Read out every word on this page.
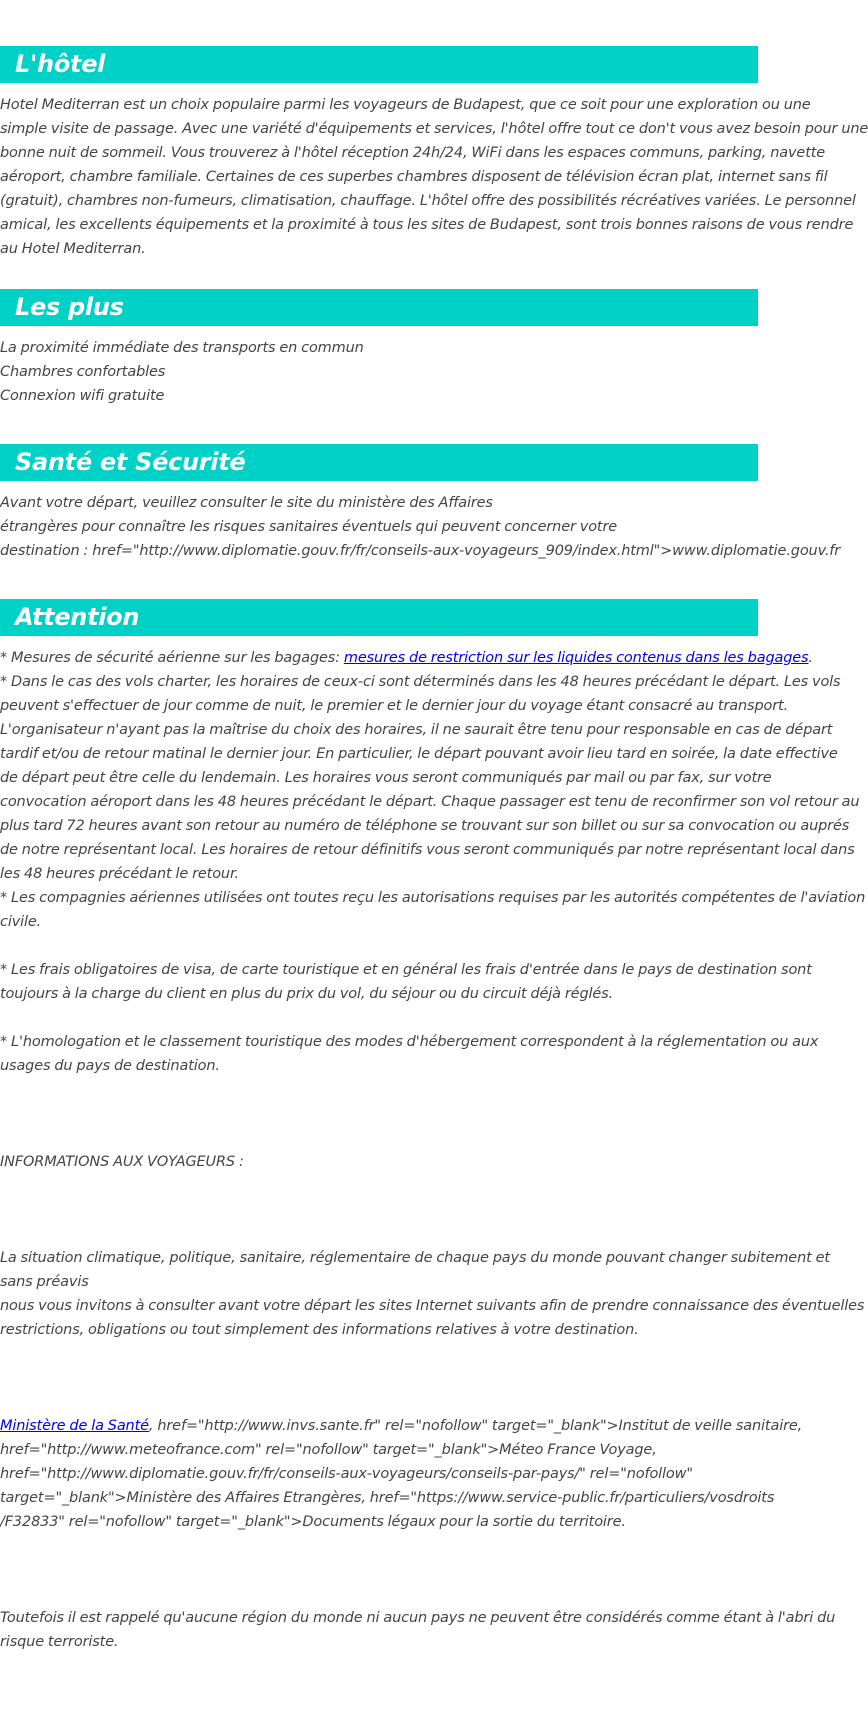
L'hôtel
Hotel Mediterran est un choix populaire parmi les voyageurs de Budapest, que ce soit pour une exploration ou une
simple visite de passage. Avec une variété d'équipements et services, l'hôtel offre tout ce don't vous avez besoin pour une
bonne nuit de sommeil. Vous trouverez à l'hôtel réception 24h/24, WiFi dans les espaces communs, parking, navette
aéroport, chambre familiale. Certaines de ces superbes chambres disposent de télévision écran plat, internet sans fil
(gratuit), chambres non-fumeurs, climatisation, chauffage. L'hôtel offre des possibilités récréatives variées. Le personnel
amical, les excellents équipements et la proximité à tous les sites de Budapest, sont trois bonnes raisons de vous rendre
au Hotel Mediterran.
Les plus
La proximité immédiate des transports en commun
Chambres confortables
Connexion wifi gratuite
Santé et Sécurité
Avant votre départ, veuillez consulter le site du ministère des Affaires
étrangères pour connaître les risques sanitaires éventuels qui peuvent concerner votre
destination : href="http://www.diplomatie.gouv.fr/fr/conseils-aux-voyageurs_909/index.html">www.diplomatie.gouv.fr
Attention
* Mesures de sécurité aérienne sur les bagages: mesures de restriction sur les liquides contenus dans les bagages.
* Dans le cas des vols charter, les horaires de ceux-ci sont déterminés dans les 48 heures précédant le départ. Les vols
peuvent s'effectuer de jour comme de nuit, le premier et le dernier jour du voyage étant consacré au transport.
L'organisateur n'ayant pas la maîtrise du choix des horaires, il ne saurait être tenu pour responsable en cas de départ
tardif et/ou de retour matinal le dernier jour. En particulier, le départ pouvant avoir lieu tard en soirée, la date effective
de départ peut être celle du lendemain. Les horaires vous seront communiqués par mail ou par fax, sur votre
convocation aéroport dans les 48 heures précédant le départ. Chaque passager est tenu de reconfirmer son vol retour au
plus tard 72 heures avant son retour au numéro de téléphone se trouvant sur son billet ou sur sa convocation ou auprés
de notre représentant local. Les horaires de retour définitifs vous seront communiqués par notre représentant local dans
les 48 heures précédant le retour.
* Les compagnies aériennes utilisées ont toutes reçu les autorisations requises par les autorités compétentes de l'aviation
civile.
* Les frais obligatoires de visa, de carte touristique et en général les frais d'entrée dans le pays de destination sont
toujours à la charge du client en plus du prix du vol, du séjour ou du circuit déjà réglés.
* L'homologation et le classement touristique des modes d'hébergement correspondent à la réglementation ou aux
usages du pays de destination.
INFORMATIONS AUX VOYAGEURS :
La situation climatique, politique, sanitaire, réglementaire de chaque pays du monde pouvant changer subitement et
sans préavis
nous vous invitons à consulter avant votre départ les sites Internet suivants afin de prendre connaissance des éventuelles
restrictions, obligations ou tout simplement des informations relatives à votre destination.
Ministère de la Santé, href="http://www.invs.sante.fr" rel="nofollow" target="_blank">Institut de veille sanitaire,
href="http://www.meteofrance.com" rel="nofollow" target="_blank">Méteo France Voyage,
href="http://www.diplomatie.gouv.fr/fr/conseils-aux-voyageurs/conseils-par-pays/" rel="nofollow"
target="_blank">Ministère des Affaires Etrangères, href="https://www.service-public.fr/particuliers/vosdroits
/F32833" rel="nofollow" target="_blank">Documents légaux pour la sortie du territoire.
Toutefois il est rappelé qu'aucune région du monde ni aucun pays ne peuvent être considérés comme étant à l'abri du
risque terroriste.
